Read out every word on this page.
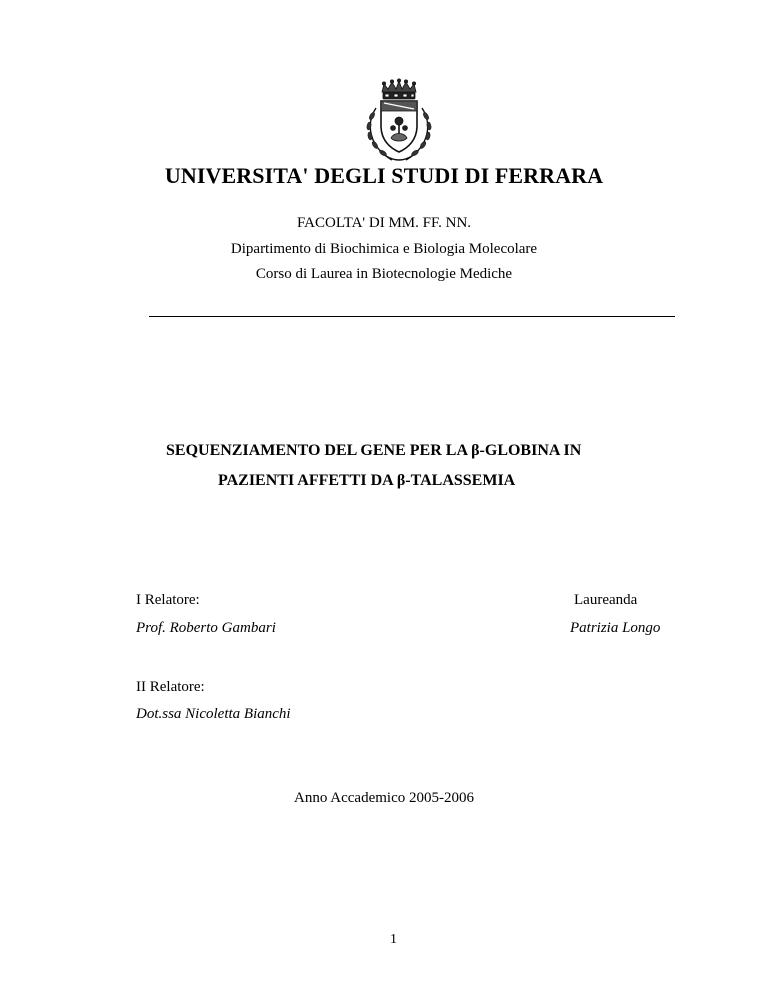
UNIVERSITA' DEGLI STUDI DI FERRARA
FACOLTA' DI MM. FF. NN.
Dipartimento di Biochimica e Biologia Molecolare
Corso di Laurea in Biotecnologie Mediche
SEQUENZIAMENTO DEL GENE PER LA β-GLOBINA IN
PAZIENTI AFFETTI DA β-TALASSEMIA
I Relatore:
Prof. Roberto Gambari
Laureanda
Patrizia Longo
II Relatore:
Dot.ssa Nicoletta Bianchi
Anno Accademico 2005-2006
1
